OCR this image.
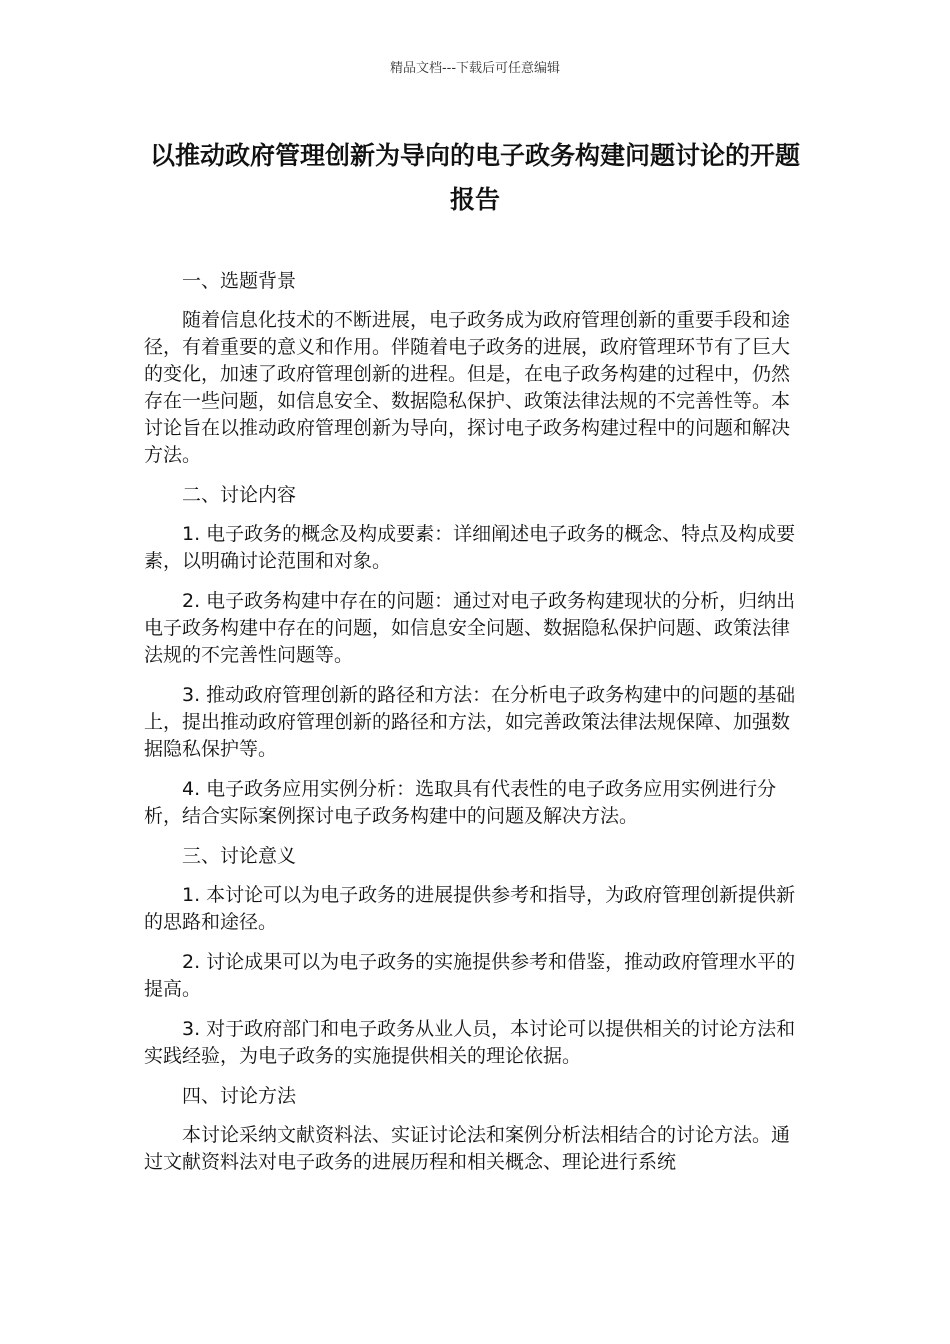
精品文档---下载后可任意编辑
以推动政府管理创新为导向的电子政务构建问题讨论的开题报告

一、选题背景

随着信息化技术的不断进展，电子政务成为政府管理创新的重要手段和途径，有着重要的意义和作用。伴随着电子政务的进展，政府管理环节有了巨大的变化，加速了政府管理创新的进程。但是，在电子政务构建的过程中，仍然存在一些问题，如信息安全、数据隐私保护、政策法律法规的不完善性等。本讨论旨在以推动政府管理创新为导向，探讨电子政务构建过程中的问题和解决方法。

二、讨论内容

1. 电子政务的概念及构成要素：详细阐述电子政务的概念、特点及构成要素，以明确讨论范围和对象。

2. 电子政务构建中存在的问题：通过对电子政务构建现状的分析，归纳出电子政务构建中存在的问题，如信息安全问题、数据隐私保护问题、政策法律法规的不完善性问题等。

3. 推动政府管理创新的路径和方法：在分析电子政务构建中的问题的基础上，提出推动政府管理创新的路径和方法，如完善政策法律法规保障、加强数据隐私保护等。

4. 电子政务应用实例分析：选取具有代表性的电子政务应用实例进行分析，结合实际案例探讨电子政务构建中的问题及解决方法。

三、讨论意义

1. 本讨论可以为电子政务的进展提供参考和指导，为政府管理创新提供新的思路和途径。

2. 讨论成果可以为电子政务的实施提供参考和借鉴，推动政府管理水平的提高。

3. 对于政府部门和电子政务从业人员，本讨论可以提供相关的讨论方法和实践经验，为电子政务的实施提供相关的理论依据。

四、讨论方法

本讨论采纳文献资料法、实证讨论法和案例分析法相结合的讨论方法。通过文献资料法对电子政务的进展历程和相关概念、理论进行系统
